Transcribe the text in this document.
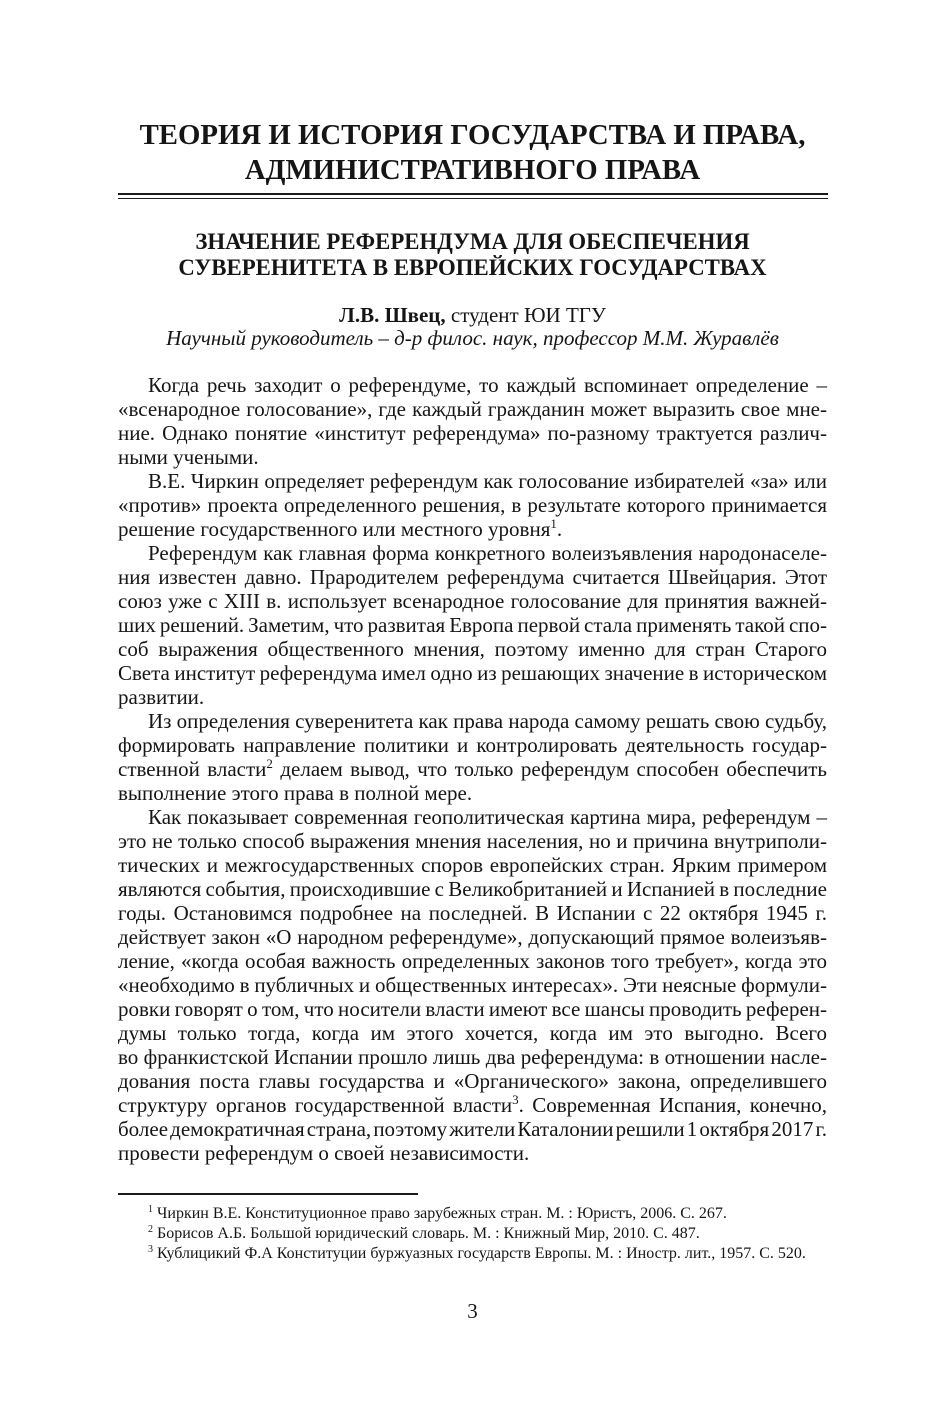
ТЕОРИЯ И ИСТОРИЯ ГОСУДАРСТВА И ПРАВА,
АДМИНИСТРАТИВНОГО ПРАВА
ЗНАЧЕНИЕ РЕФЕРЕНДУМА ДЛЯ ОБЕСПЕЧЕНИЯ
СУВЕРЕНИТЕТА В ЕВРОПЕЙСКИХ ГОСУДАРСТВАХ
Л.В. Швец, студент ЮИ ТГУ
Научный руководитель – д-р филос. наук, профессор М.М. Журавлёв
Когда речь заходит о референдуме, то каждый вспоминает определение –
«всенародное голосование», где каждый гражданин может выразить свое мне-
ние. Однако понятие «институт референдума» по-разному трактуется различ-
ными учеными.
В.Е. Чиркин определяет референдум как голосование избирателей «за» или
«против» проекта определенного решения, в результате которого принимается
решение государственного или местного уровня$^1$.
Референдум как главная форма конкретного волеизъявления народонаселе-
ния известен давно. Прародителем референдума считается Швейцария. Этот
союз уже с XIII в. использует всенародное голосование для принятия важней-
ших решений. Заметим, что развитая Европа первой стала применять такой спо-
соб выражения общественного мнения, поэтому именно для стран Старого
Света институт референдума имел одно из решающих значение в историческом
развитии.
Из определения суверенитета как права народа самому решать свою судьбу,
формировать направление политики и контролировать деятельность государ-
ственной власти$^2$ делаем вывод, что только референдум способен обеспечить
выполнение этого права в полной мере.
Как показывает современная геополитическая картина мира, референдум –
это не только способ выражения мнения населения, но и причина внутриполи-
тических и межгосударственных споров европейских стран. Ярким примером
являются события, происходившие с Великобританией и Испанией в последние
годы. Остановимся подробнее на последней. В Испании с 22 октября 1945 г.
действует закон «О народном референдуме», допускающий прямое волеизъяв-
ление, «когда особая важность определенных законов того требует», когда это
«необходимо в публичных и общественных интересах». Эти неясные формули-
ровки говорят о том, что носители власти имеют все шансы проводить референ-
думы только тогда, когда им этого хочется, когда им это выгодно. Всего
во франкистской Испании прошло лишь два референдума: в отношении насле-
дования поста главы государства и «Органического» закона, определившего
структуру органов государственной власти$^3$. Современная Испания, конечно,
более демократичная страна, поэтому жители Каталонии решили 1 октября 2017 г.
провести референдум о своей независимости.
$^1$ Чиркин В.Е. Конституционное право зарубежных стран. М. : Юристъ, 2006. С. 267.
$^2$ Борисов А.Б. Большой юридический словарь. М. : Книжный Мир, 2010. С. 487.
$^3$ Кублицикий Ф.А Конституции буржуазных государств Европы. М. : Иностр. лит., 1957. С. 520.
3
